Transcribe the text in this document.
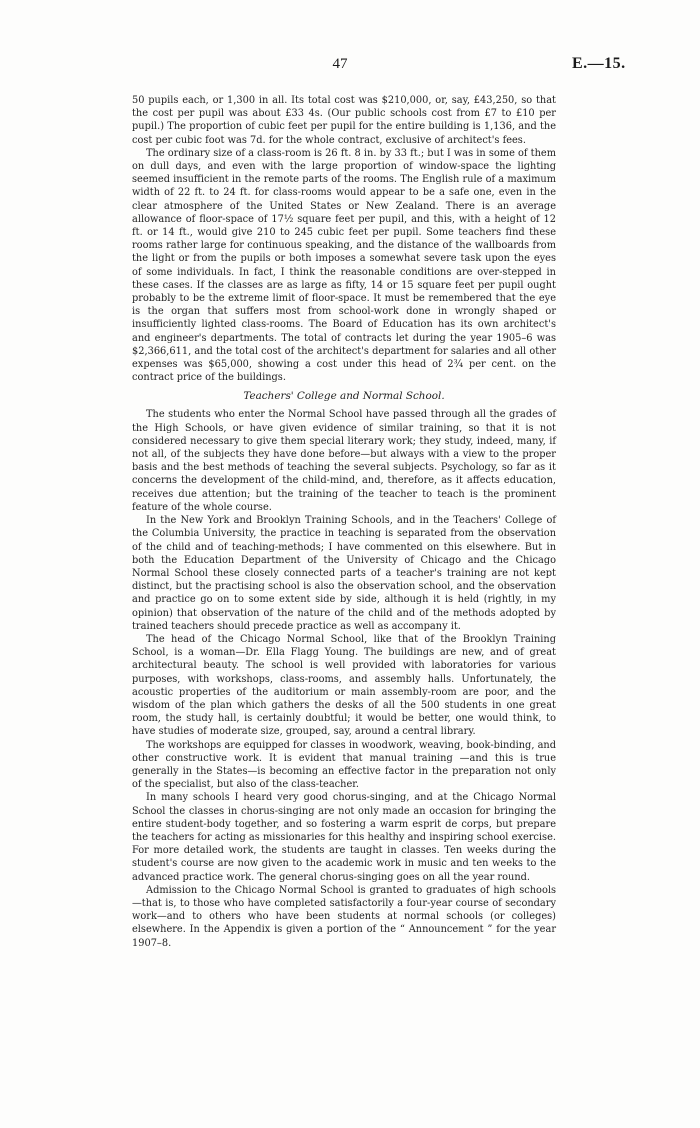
47	E.—15.

50 pupils each, or 1,300 in all. Its total cost was $210,000, or, say, £43,250, so that the cost per pupil was about £33 4s. (Our public schools cost from £7 to £10 per pupil.) The proportion of cubic feet per pupil for the entire building is 1,136, and the cost per cubic foot was 7d. for the whole contract, exclusive of architect's fees.

The ordinary size of a class-room is 26 ft. 8 in. by 33 ft.; but I was in some of them on dull days, and even with the large proportion of window-space the lighting seemed insufficient in the remote parts of the rooms. The English rule of a maximum width of 22 ft. to 24 ft. for class-rooms would appear to be a safe one, even in the clear atmosphere of the United States or New Zealand. There is an average allowance of floor-space of 17½ square feet per pupil, and this, with a height of 12 ft. or 14 ft., would give 210 to 245 cubic feet per pupil. Some teachers find these rooms rather large for continuous speaking, and the distance of the wallboards from the light or from the pupils or both imposes a somewhat severe task upon the eyes of some individuals. In fact, I think the reasonable conditions are over-stepped in these cases. If the classes are as large as fifty, 14 or 15 square feet per pupil ought probably to be the extreme limit of floor-space. It must be remembered that the eye is the organ that suffers most from school-work done in wrongly shaped or insufficiently lighted class-rooms. The Board of Education has its own architect's and engineer's departments. The total of contracts let during the year 1905–6 was $2,366,611, and the total cost of the architect's department for salaries and all other expenses was $65,000, showing a cost under this head of 2¾ per cent. on the contract price of the buildings.

Teachers' College and Normal School.

The students who enter the Normal School have passed through all the grades of the High Schools, or have given evidence of similar training, so that it is not considered necessary to give them special literary work; they study, indeed, many, if not all, of the subjects they have done before—but always with a view to the proper basis and the best methods of teaching the several subjects. Psychology, so far as it concerns the development of the child-mind, and, therefore, as it affects education, receives due attention; but the training of the teacher to teach is the prominent feature of the whole course.

In the New York and Brooklyn Training Schools, and in the Teachers' College of the Columbia University, the practice in teaching is separated from the observation of the child and of teaching-methods; I have commented on this elsewhere. But in both the Education Department of the University of Chicago and the Chicago Normal School these closely connected parts of a teacher's training are not kept distinct, but the practising school is also the observation school, and the observation and practice go on to some extent side by side, although it is held (rightly, in my opinion) that observation of the nature of the child and of the methods adopted by trained teachers should precede practice as well as accompany it.

The head of the Chicago Normal School, like that of the Brooklyn Training School, is a woman—Dr. Ella Flagg Young. The buildings are new, and of great architectural beauty. The school is well provided with laboratories for various purposes, with workshops, class-rooms, and assembly halls. Unfortunately, the acoustic properties of the auditorium or main assembly-room are poor, and the wisdom of the plan which gathers the desks of all the 500 students in one great room, the study hall, is certainly doubtful; it would be better, one would think, to have studies of moderate size, grouped, say, around a central library.

The workshops are equipped for classes in woodwork, weaving, book-binding, and other constructive work. It is evident that manual training —and this is true generally in the States—is becoming an effective factor in the preparation not only of the specialist, but also of the class-teacher.

In many schools I heard very good chorus-singing, and at the Chicago Normal School the classes in chorus-singing are not only made an occasion for bringing the entire student-body together, and so fostering a warm esprit de corps, but prepare the teachers for acting as missionaries for this healthy and inspiring school exercise. For more detailed work, the students are taught in classes. Ten weeks during the student's course are now given to the academic work in music and ten weeks to the advanced practice work. The general chorus-singing goes on all the year round.

Admission to the Chicago Normal School is granted to graduates of high schools—that is, to those who have completed satisfactorily a four-year course of secondary work—and to others who have been students at normal schools (or colleges) elsewhere. In the Appendix is given a portion of the “ Announcement ” for the year 1907–8.
